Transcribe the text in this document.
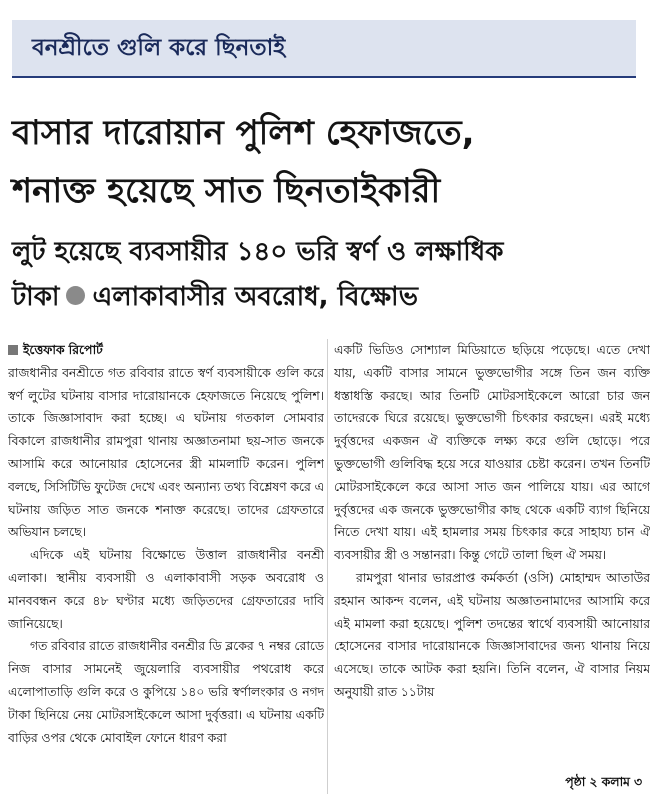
বনশ্রীতে গুলি করে ছিনতাই
বাসার দারোয়ান পুলিশ হেফাজতে,
শনাক্ত হয়েছে সাত ছিনতাইকারী
লুট হয়েছে ব্যবসায়ীর ১৪০ ভরি স্বর্ণ ও লক্ষাধিক
টাকা এলাকাবাসীর অবরোধ, বিক্ষোভ

ইত্তেফাক রিপোর্ট

রাজধানীর বনশ্রীতে গত রবিবার রাতে স্বর্ণ ব্যবসায়ীকে গুলি করে স্বর্ণ লুটের ঘটনায় বাসার দারোয়ানকে হেফাজতে নিয়েছে পুলিশ। তাকে জিজ্ঞাসাবাদ করা হচ্ছে। এ ঘটনায় গতকাল সোমবার বিকালে রাজধানীর রামপুরা থানায় অজ্ঞাতনামা ছয়-সাত জনকে আসামি করে আনোয়ার হোসেনের স্ত্রী মামলাটি করেন। পুলিশ বলছে, সিসিটিভি ফুটেজ দেখে এবং অন্যান্য তথ্য বিশ্লেষণ করে এ ঘটনায় জড়িত সাত জনকে শনাক্ত করেছে। তাদের গ্রেফতারে অভিযান চলছে।

এদিকে এই ঘটনায় বিক্ষোভে উত্তাল রাজধানীর বনশ্রী এলাকা। স্থানীয় ব্যবসায়ী ও এলাকাবাসী সড়ক অবরোধ ও মানববন্ধন করে ৪৮ ঘণ্টার মধ্যে জড়িতদের গ্রেফতারের দাবি জানিয়েছে।

গত রবিবার রাতে রাজধানীর বনশ্রীর ডি ব্লকের ৭ নম্বর রোডে নিজ বাসার সামনেই জুয়েলারি ব্যবসায়ীর পথরোধ করে এলোপাতাড়ি গুলি করে ও কুপিয়ে ১৪০ ভরি স্বর্ণালংকার ও নগদ টাকা ছিনিয়ে নেয় মোটরসাইকেলে আসা দুর্বৃত্তরা। এ ঘটনায় একটি বাড়ির ওপর থেকে মোবাইল ফোনে ধারণ করা

একটি ভিডিও সোশ্যাল মিডিয়াতে ছড়িয়ে পড়েছে। এতে দেখা যায়, একটি বাসার সামনে ভুক্তভোগীর সঙ্গে তিন জন ব্যক্তি ধস্তাধস্তি করছে। আর তিনটি মোটরসাইকেলে আরো চার জন তাদেরকে ঘিরে রয়েছে। ভুক্তভোগী চিৎকার করছেন। এরই মধ্যে দুর্বৃত্তদের একজন ঐ ব্যক্তিকে লক্ষ্য করে গুলি ছোড়ে। পরে ভুক্তভোগী গুলিবিদ্ধ হয়ে সরে যাওয়ার চেষ্টা করেন। তখন তিনটি মোটরসাইকেলে করে আসা সাত জন পালিয়ে যায়। এর আগে দুর্বৃত্তদের এক জনকে ভুক্তভোগীর কাছ থেকে একটি ব্যাগ ছিনিয়ে নিতে দেখা যায়। এই হামলার সময় চিৎকার করে সাহায্য চান ঐ ব্যবসায়ীর স্ত্রী ও সন্তানরা। কিন্তু গেটে তালা ছিল ঐ সময়।

রামপুরা থানার ভারপ্রাপ্ত কর্মকর্তা (ওসি) মোহাম্মদ আতাউর রহমান আকন্দ বলেন, এই ঘটনায় অজ্ঞাতনামাদের আসামি করে এই মামলা করা হয়েছে। পুলিশ তদন্তের স্বার্থে ব্যবসায়ী আনোয়ার হোসেনের বাসার দারোয়ানকে জিজ্ঞাসাবাদের জন্য থানায় নিয়ে এসেছে। তাকে আটক করা হয়নি। তিনি বলেন, ঐ বাসার নিয়ম অনুযায়ী রাত ১১টায়

পৃষ্ঠা ২ কলাম ৩
